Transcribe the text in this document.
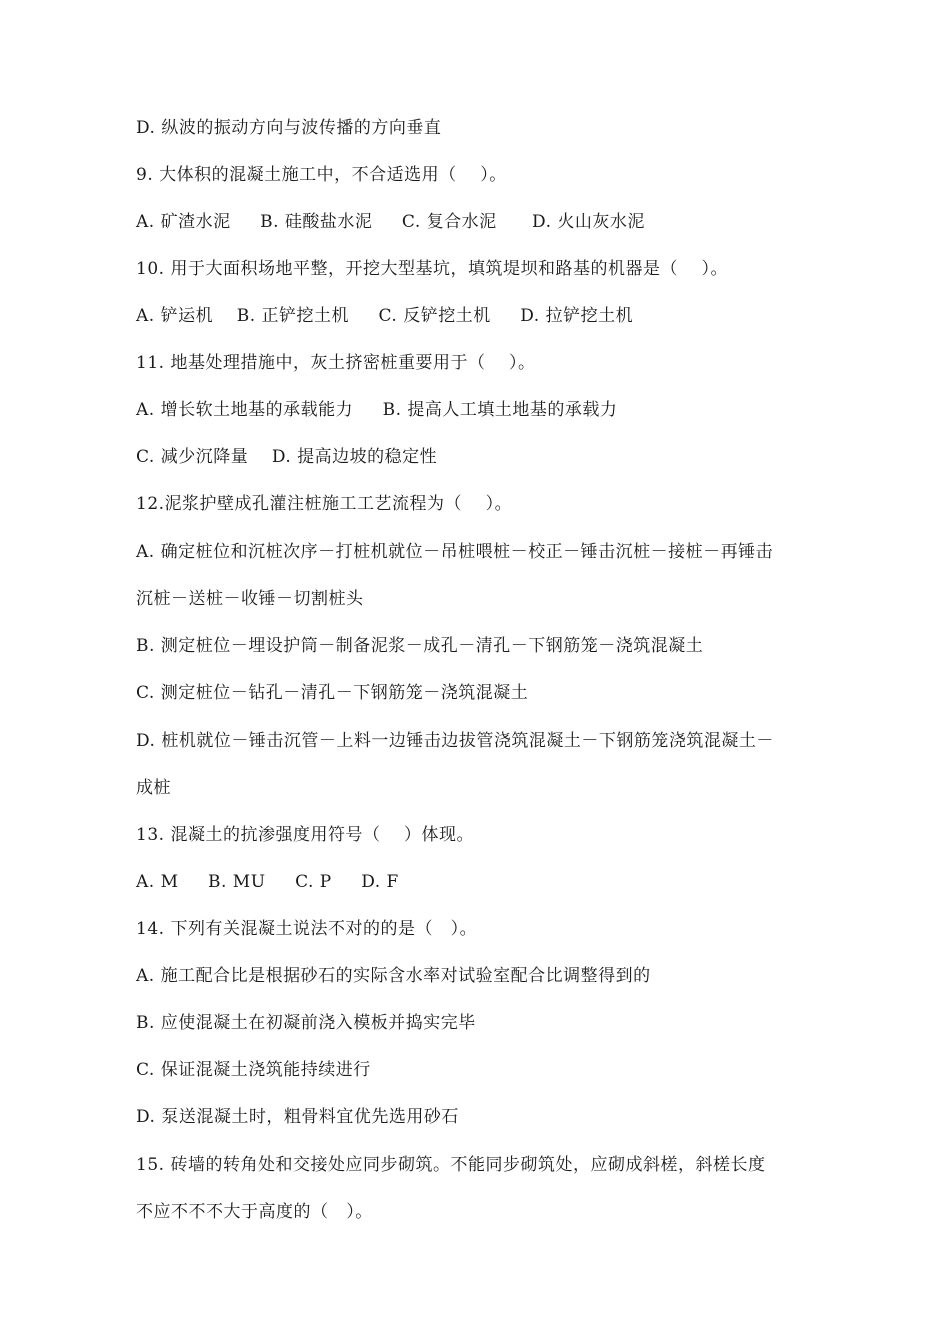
D. 纵波的振动方向与波传播的方向垂直
9. 大体积的混凝土施工中，不合适选用（    ）。
A. 矿渣水泥     B. 硅酸盐水泥     C. 复合水泥      D. 火山灰水泥
10. 用于大面积场地平整，开挖大型基坑，填筑堤坝和路基的机器是（    ）。
A. 铲运机    B. 正铲挖土机     C. 反铲挖土机     D. 拉铲挖土机
11. 地基处理措施中，灰土挤密桩重要用于（    ）。
A. 增长软土地基的承载能力     B. 提高人工填土地基的承载力
C. 减少沉降量    D. 提高边坡的稳定性
12.泥浆护壁成孔灌注桩施工工艺流程为（    ）。
A. 确定桩位和沉桩次序－打桩机就位－吊桩喂桩－校正－锤击沉桩－接桩－再锤击
沉桩－送桩－收锤－切割桩头
B. 测定桩位－埋设护筒－制备泥浆－成孔－清孔－下钢筋笼－浇筑混凝土
C. 测定桩位－钻孔－清孔－下钢筋笼－浇筑混凝土
D. 桩机就位－锤击沉管－上料一边锤击边拔管浇筑混凝土－下钢筋笼浇筑混凝土－
成桩
13. 混凝土的抗渗强度用符号（    ）体现。
A. M     B. MU     C. P     D. F
14. 下列有关混凝土说法不对的的是（   ）。
A. 施工配合比是根据砂石的实际含水率对试验室配合比调整得到的
B. 应使混凝土在初凝前浇入模板并捣实完毕
C. 保证混凝土浇筑能持续进行
D. 泵送混凝土时，粗骨料宜优先选用砂石
15. 砖墙的转角处和交接处应同步砌筑。不能同步砌筑处，应砌成斜槎，斜槎长度
不应不不不大于高度的（   ）。
